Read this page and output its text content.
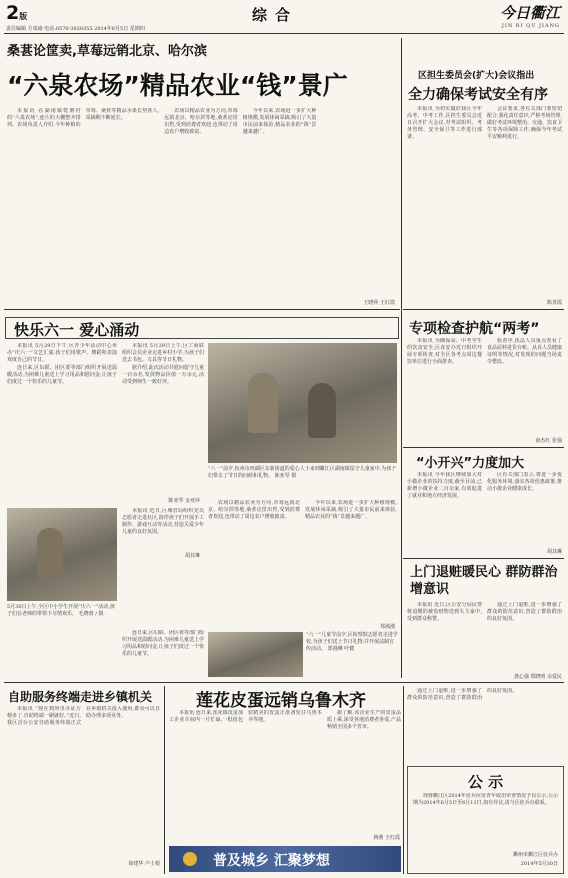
2版
责任编辑 方成瑜 电话:0570-3838355 2014年6月5日 星期四
综合	今日衢江
JIN RI QU JIANG
桑葚论筐卖,草莓远销北京、哈尔滨
“六泉农场”精品农业“钱”景广

本报讯 在湖南镇乾塘村的“六泉农场”,连片的大棚整齐排列。农场负责人介绍,今年种植的草莓、桑葚等精品水果长势喜人,采摘期不断延长。

农场以精品农业为方向,草莓远销北京、哈尔滨等地,桑葚论筐出售,受到消费者欢迎,也带动了周边农户增收致富。

今年以来,农场进一步扩大种植规模,发展休闲采摘,吸引了大量市民前来体验,精品农业的“钱”景越来越广。

王晓萍 王红霞
区担生委员会(扩大)会议指出
全力确保考试安全有序

本报讯 为切实做好我区今年高考、中考工作,区担生委员会近日召开扩大会议,对考试组织、考务管理、安全保卫等工作进行部署。

会议要求,各有关部门要密切配合,强化责任意识,严格考场管理,做好考试环境整治、交通、饮食卫生等各项保障工作,确保今年考试平安顺利进行。

陈善霞
快乐六一 爱心涌动

本报讯 5月29日下午,区青少年活动中心举办“庆六一”文艺汇演,孩子们用歌声、舞蹈和表演欢度自己的节日。

连日来,区妇联、团区委等部门组织开展送温暖活动,为困难儿童送上学习用品和慰问金,让孩子们度过一个快乐的儿童节。

陈亚琴 金亚萍

本报讯 5月29日上午,区工商联组织会员企业走进乡村小学,为孩子们送去书包、文具等节日礼物。

据介绍,此次活动共慰问留守儿童一百余名,发放物品价值一万余元,活动受到师生一致好评。

本报讯 近日,区城管局组织党员志愿者走进社区,陪伴孩子们开展手工制作、游戏互动等活动,营造关爱少年儿童的良好氛围。

胡其琳
“六一”前夕,杭州市西湖区东新街道的爱心人士来到衢江区湖南镇留守儿童家中,为孩子们带去了节日的问候和礼物。 陈亚琴 摄
5月30日上午,全区中小学生开展“庆六一”活动,孩子们在老师的带领下尽情欢乐。 毛晓蓉 / 摄

农场以精品农业为方向,草莓远销北京、哈尔滨等地,桑葚论筐出售,受到消费者欢迎,也带动了周边农户增收致富。

今年以来,农场进一步扩大种植规模,发展休闲采摘,吸引了大量市民前来体验,精品农业的“钱”景越来越广。

郑漫漫
专项检查护航“两考”

本报讯 为确保高、中考学生的饮食安全,区食安办近日组织开展专项检查,对全区各考点周边餐饮单位进行全面排查。

检查中,执法人员重点查看了食品原料进货台账、从业人员健康证明等情况,对发现的问题当场责令整改。

俞杰红 张强
“小开兴”力度加大

本报讯 今年我区继续加大对小微企业的扶持力度,截至目前,已新增小微企业二百余家,有效促进了就业和地方经济发展。

区有关部门表示,将进一步优化服务环境,落实各项优惠政策,推动小微企业健康成长。

胡其琳
上门退赃暖民心 群防群治增意识

本报讯 近日,区公安分局民警将追缴的被盗财物送到失主家中,受到群众称赞。

通过上门退赃,进一步增强了群众的防范意识,营造了群防群治的良好氛围。

龚心强 郑晓明 余爱民
“六一”儿童节前夕,区检察院志愿者走进学校,为孩子们送上节日礼物,并开展法制宣传活动。 郑漫琳 叶健

连日来,区妇联、团区委等部门组织开展送温暖活动,为困难儿童送上学习用品和慰问金,让孩子们度过一个快乐的儿童节。

自助服务终端走进乡镇机关

本报讯 “现在到所里办证方便多了,自助终端一刷就好。”近日,我区首台公安自助服务终端正式在乡镇机关投入使用,群众可以自助办理多项业务。

徐建华 卢士根
莲花皮蛋远销乌鲁木齐

本报讯 连日来,莲花镇皮蛋加工企业车间内一片忙碌,一批批包装精美的皮蛋正准备发往乌鲁木齐等地。

据了解,该企业生产的皮蛋品质上乘,深受各地消费者喜爱,产品畅销全国多个省市。

蒋燕 王红霞
普及城乡 汇聚梦想
公 示

现将衢江区2014年征兵应征青年政治审查情况予以公示,公示期为2014年6月5日至6月11日,如有异议,请与区征兵办联系。

衢州市衢江区征兵办
2014年5月30日

通过上门退赃,进一步增强了群众的防范意识,营造了群防群治的良好氛围。
